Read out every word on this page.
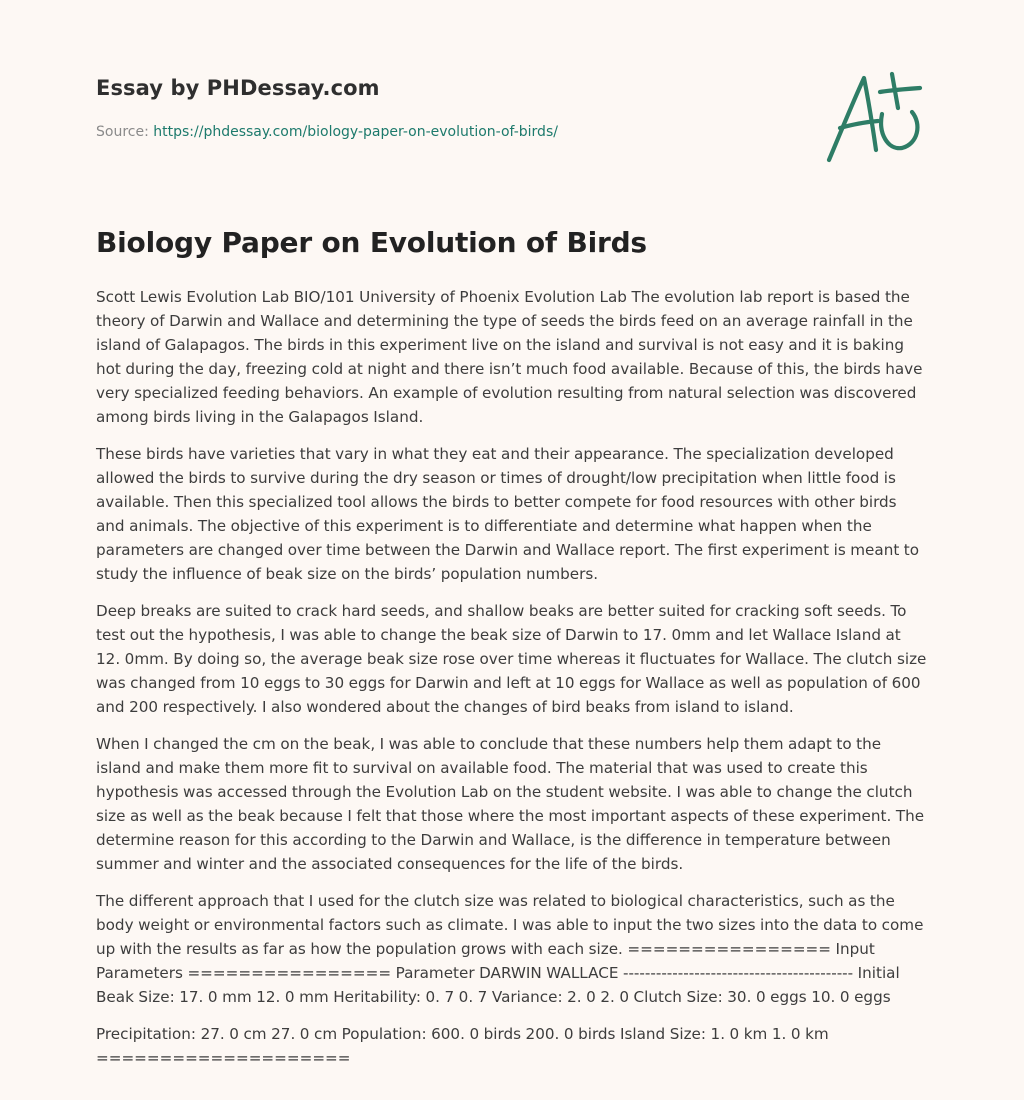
Essay by PHDessay.com
Source: https://phdessay.com/biology-paper-on-evolution-of-birds/
Biology Paper on Evolution of Birds

Scott Lewis Evolution Lab BIO/101 University of Phoenix Evolution Lab The evolution lab report is based the theory of Darwin and Wallace and determining the type of seeds the birds feed on an average rainfall in the island of Galapagos. The birds in this experiment live on the island and survival is not easy and it is baking hot during the day, freezing cold at night and there isn’t much food available. Because of this, the birds have very specialized feeding behaviors. An example of evolution resulting from natural selection was discovered among birds living in the Galapagos Island.

These birds have varieties that vary in what they eat and their appearance. The specialization developed allowed the birds to survive during the dry season or times of drought/low precipitation when little food is available. Then this specialized tool allows the birds to better compete for food resources with other birds and animals. The objective of this experiment is to differentiate and determine what happen when the parameters are changed over time between the Darwin and Wallace report. The first experiment is meant to study the influence of beak size on the birds’ population numbers.

Deep breaks are suited to crack hard seeds, and shallow beaks are better suited for cracking soft seeds. To test out the hypothesis, I was able to change the beak size of Darwin to 17. 0mm and let Wallace Island at 12. 0mm. By doing so, the average beak size rose over time whereas it fluctuates for Wallace. The clutch size was changed from 10 eggs to 30 eggs for Darwin and left at 10 eggs for Wallace as well as population of 600 and 200 respectively. I also wondered about the changes of bird beaks from island to island.

When I changed the cm on the beak, I was able to conclude that these numbers help them adapt to the island and make them more fit to survival on available food. The material that was used to create this hypothesis was accessed through the Evolution Lab on the student website. I was able to change the clutch size as well as the beak because I felt that those where the most important aspects of these experiment. The determine reason for this according to the Darwin and Wallace, is the difference in temperature between summer and winter and the associated consequences for the life of the birds.

The different approach that I used for the clutch size was related to biological characteristics, such as the body weight or environmental factors such as climate. I was able to input the two sizes into the data to come up with the results as far as how the population grows with each size. ================ Input Parameters ================ Parameter DARWIN WALLACE ------------------------------------------ Initial Beak Size: 17. 0 mm 12. 0 mm Heritability: 0. 7 0. 7 Variance: 2. 0 2. 0 Clutch Size: 30. 0 eggs 10. 0 eggs

Precipitation: 27. 0 cm 27. 0 cm Population: 600. 0 birds 200. 0 birds Island Size: 1. 0 km 1. 0 km ====================
